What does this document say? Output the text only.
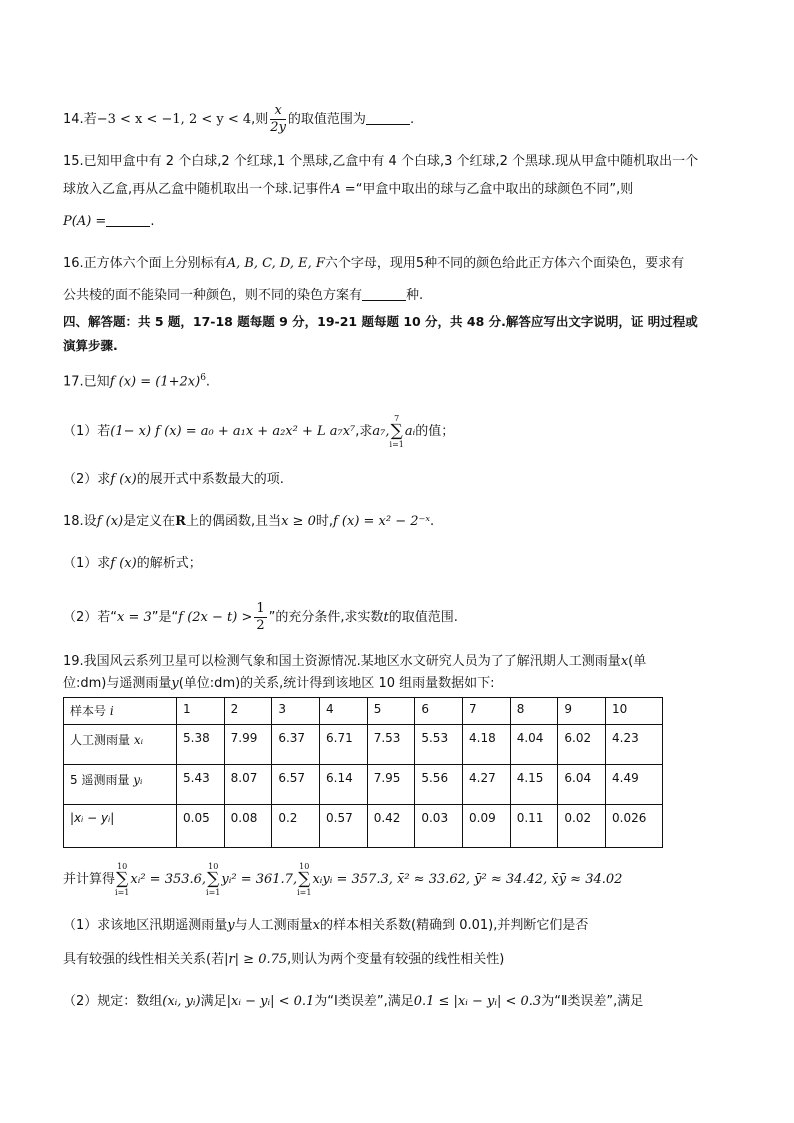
14.若−3 < x < −1, 2 < y < 4,则 $\frac{x}{2y}$ 的取值范围为	.
15.已知甲盒中有 2 个白球,2 个红球,1 个黑球,乙盒中有 4 个白球,3 个红球,2 个黑球.现从甲盒中随机取出一个
球放入乙盒,再从乙盒中随机取出一个球.记事件A =“甲盒中取出的球与乙盒中取出的球颜色不同”,则
P(A) =	.
16.正方体六个面上分别标有A, B, C, D, E, F六个字母，现用5种不同的颜色给此正方体六个面染色，要求有
公共棱的面不能染同一种颜色，则不同的染色方案有	种.
四、解答题：共 5 题，17-18 题每题 9 分，19-21 题每题 10 分，共 48 分.解答应写出文字说明，证 明过程或
演算步骤.
17.已知f $(x) = (1+2x)^6$.
（1）若(1− x) f (x) = a₀ + a₁x + a₂x² + L a₇x⁷,求a₇,
7
∑
i=1
aᵢ的值；
（2）求f (x)的展开式中系数最大的项.
18.设f (x)是定义在R上的偶函数,且当x ≥ 0时,f (x) = x² − 2⁻ˣ.
（1）求f (x)的解析式；
（2）若“x = 3”是“f $(2x - t) > \frac{1}{2}$ ”的充分条件,求实数t的取值范围.
19.我国风云系列卫星可以检测气象和国土资源情况.某地区水文研究人员为了了解汛期人工测雨量x(单
位:dm)与遥测雨量y(单位:dm)的关系,统计得到该地区 10 组雨量数据如下:
样本号 i	1	2	3	4	5	6	7	8	9	10
人工测雨量 xᵢ	5.38	7.99	6.37	6.71	7.53	5.53	4.18	4.04	6.02	4.23
5 遥测雨量 yᵢ	5.43	8.07	6.57	6.14	7.95	5.56	4.27	4.15	6.04	4.49
|xᵢ − yᵢ|	0.05	0.08	0.2	0.57	0.42	0.03	0.09	0.11	0.02	0.026
并计算得
10
∑
i=1
xᵢ² = 353.6,
10
∑
i=1
yᵢ² = 361.7,
10
∑
i=1
xᵢyᵢ = 357.3, x̄² ≈ 33.62, ȳ² ≈ 34.42, x̄ȳ ≈ 34.02
（1）求该地区汛期遥测雨量y与人工测雨量x的样本相关系数(精确到 0.01),并判断它们是否
具有较强的线性相关关系(若|r| ≥ 0.75,则认为两个变量有较强的线性相关性)
（2）规定：数组(xᵢ, yᵢ)满足|xᵢ − yᵢ| < 0.1为“Ⅰ类误差”,满足0.1 ≤ |xᵢ − yᵢ| < 0.3为“Ⅱ类误差”,满足
